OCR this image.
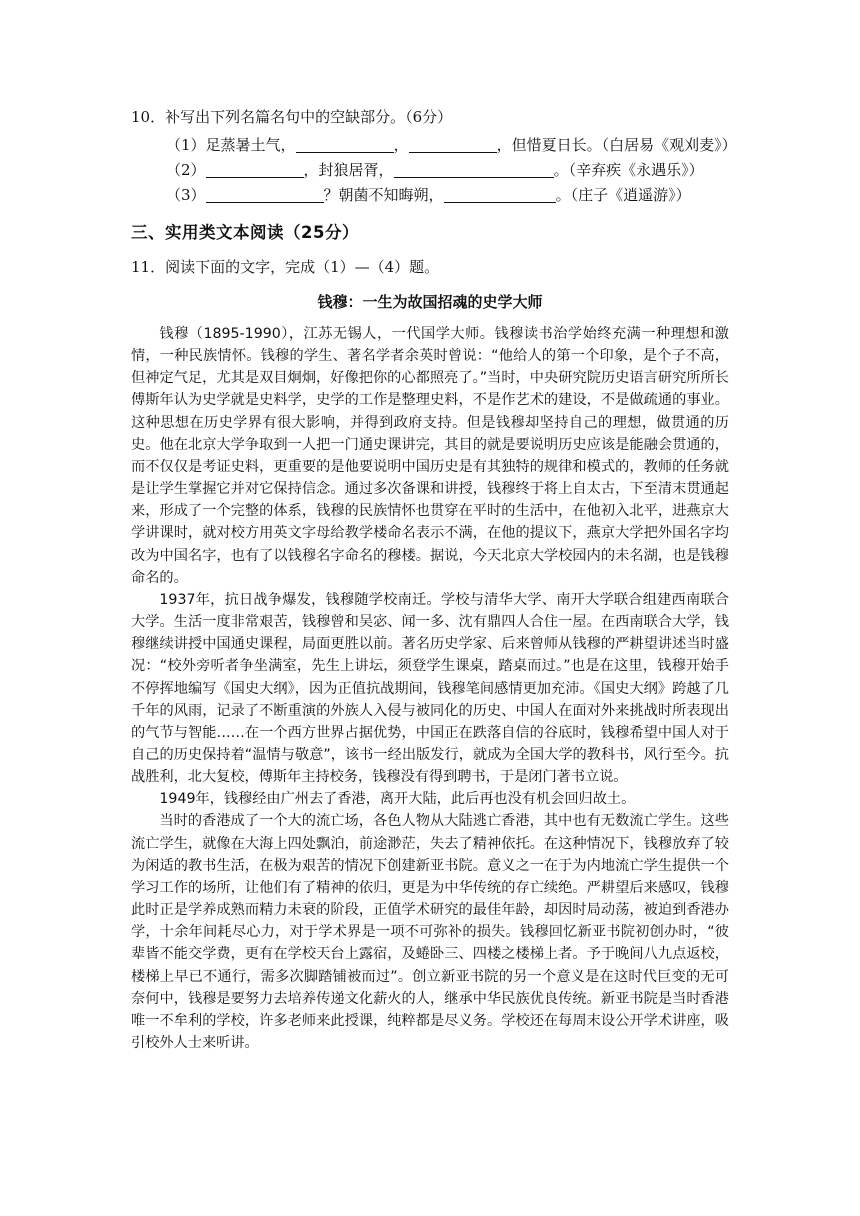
10．补写出下列名篇名句中的空缺部分。（6分）
（1）足蒸暑土气，	，	，但惜夏日长。（白居易《观刈麦》）
（2）	，封狼居胥，	。（辛弃疾《永遇乐》）
（3）	？朝菌不知晦朔，	。（庄子《逍遥游》）
三、实用类文本阅读（25分）
11．阅读下面的文字，完成（1）—（4）题。
钱穆：一生为故国招魂的史学大师

钱穆（1895-1990），江苏无锡人，一代国学大师。钱穆读书治学始终充满一种理想和激情，一种民族情怀。钱穆的学生、著名学者余英时曾说：“他给人的第一个印象，是个子不高，但神定气足，尤其是双目炯炯，好像把你的心都照亮了。”当时，中央研究院历史语言研究所所长傅斯年认为史学就是史料学，史学的工作是整理史料，不是作艺术的建设，不是做疏通的事业。这种思想在历史学界有很大影响，并得到政府支持。但是钱穆却坚持自己的理想，做贯通的历史。他在北京大学争取到一人把一门通史课讲完，其目的就是要说明历史应该是能融会贯通的，而不仅仅是考证史料，更重要的是他要说明中国历史是有其独特的规律和模式的，教师的任务就是让学生掌握它并对它保持信念。通过多次备课和讲授，钱穆终于将上自太古，下至清末贯通起来，形成了一个完整的体系，钱穆的民族情怀也贯穿在平时的生活中，在他初入北平，进燕京大学讲课时，就对校方用英文字母给教学楼命名表示不满，在他的提议下，燕京大学把外国名字均改为中国名字，也有了以钱穆名字命名的穆楼。据说，今天北京大学校园内的未名湖，也是钱穆命名的。

1937年，抗日战争爆发，钱穆随学校南迁。学校与清华大学、南开大学联合组建西南联合大学。生活一度非常艰苦，钱穆曾和吴宓、闻一多、沈有鼎四人合住一屋。在西南联合大学，钱穆继续讲授中国通史课程，局面更胜以前。著名历史学家、后来曾师从钱穆的严耕望讲述当时盛况：“校外旁听者争坐满室，先生上讲坛，须登学生课桌，踏桌而过。”也是在这里，钱穆开始手不停挥地编写《国史大纲》，因为正值抗战期间，钱穆笔间感情更加充沛。《国史大纲》跨越了几千年的风雨，记录了不断重演的外族人入侵与被同化的历史、中国人在面对外来挑战时所表现出的气节与智能……在一个西方世界占据优势，中国正在跌落自信的谷底时，钱穆希望中国人对于自己的历史保持着“温情与敬意”，该书一经出版发行，就成为全国大学的教科书，风行至今。抗战胜利，北大复校，傅斯年主持校务，钱穆没有得到聘书，于是闭门著书立说。

1949年，钱穆经由广州去了香港，离开大陆，此后再也没有机会回归故土。

当时的香港成了一个大的流亡场，各色人物从大陆逃亡香港，其中也有无数流亡学生。这些流亡学生，就像在大海上四处飘泊，前途渺茫，失去了精神依托。在这种情况下，钱穆放弃了较为闲适的教书生活，在极为艰苦的情况下创建新亚书院。意义之一在于为内地流亡学生提供一个学习工作的场所，让他们有了精神的依归，更是为中华传统的存亡续绝。严耕望后来感叹，钱穆此时正是学养成熟而精力未衰的阶段，正值学术研究的最佳年龄，却因时局动荡，被迫到香港办学，十余年间耗尽心力，对于学术界是一项不可弥补的损失。钱穆回忆新亚书院初创办时，“彼辈皆不能交学费，更有在学校天台上露宿，及蜷卧三、四楼之楼梯上者。予于晚间八九点返校，楼梯上早已不通行，需多次脚踏铺被而过”。创立新亚书院的另一个意义是在这时代巨变的无可奈何中，钱穆是要努力去培养传递文化薪火的人，继承中华民族优良传统。新亚书院是当时香港唯一不牟利的学校，许多老师来此授课，纯粹都是尽义务。学校还在每周末设公开学术讲座，吸引校外人士来听讲。
